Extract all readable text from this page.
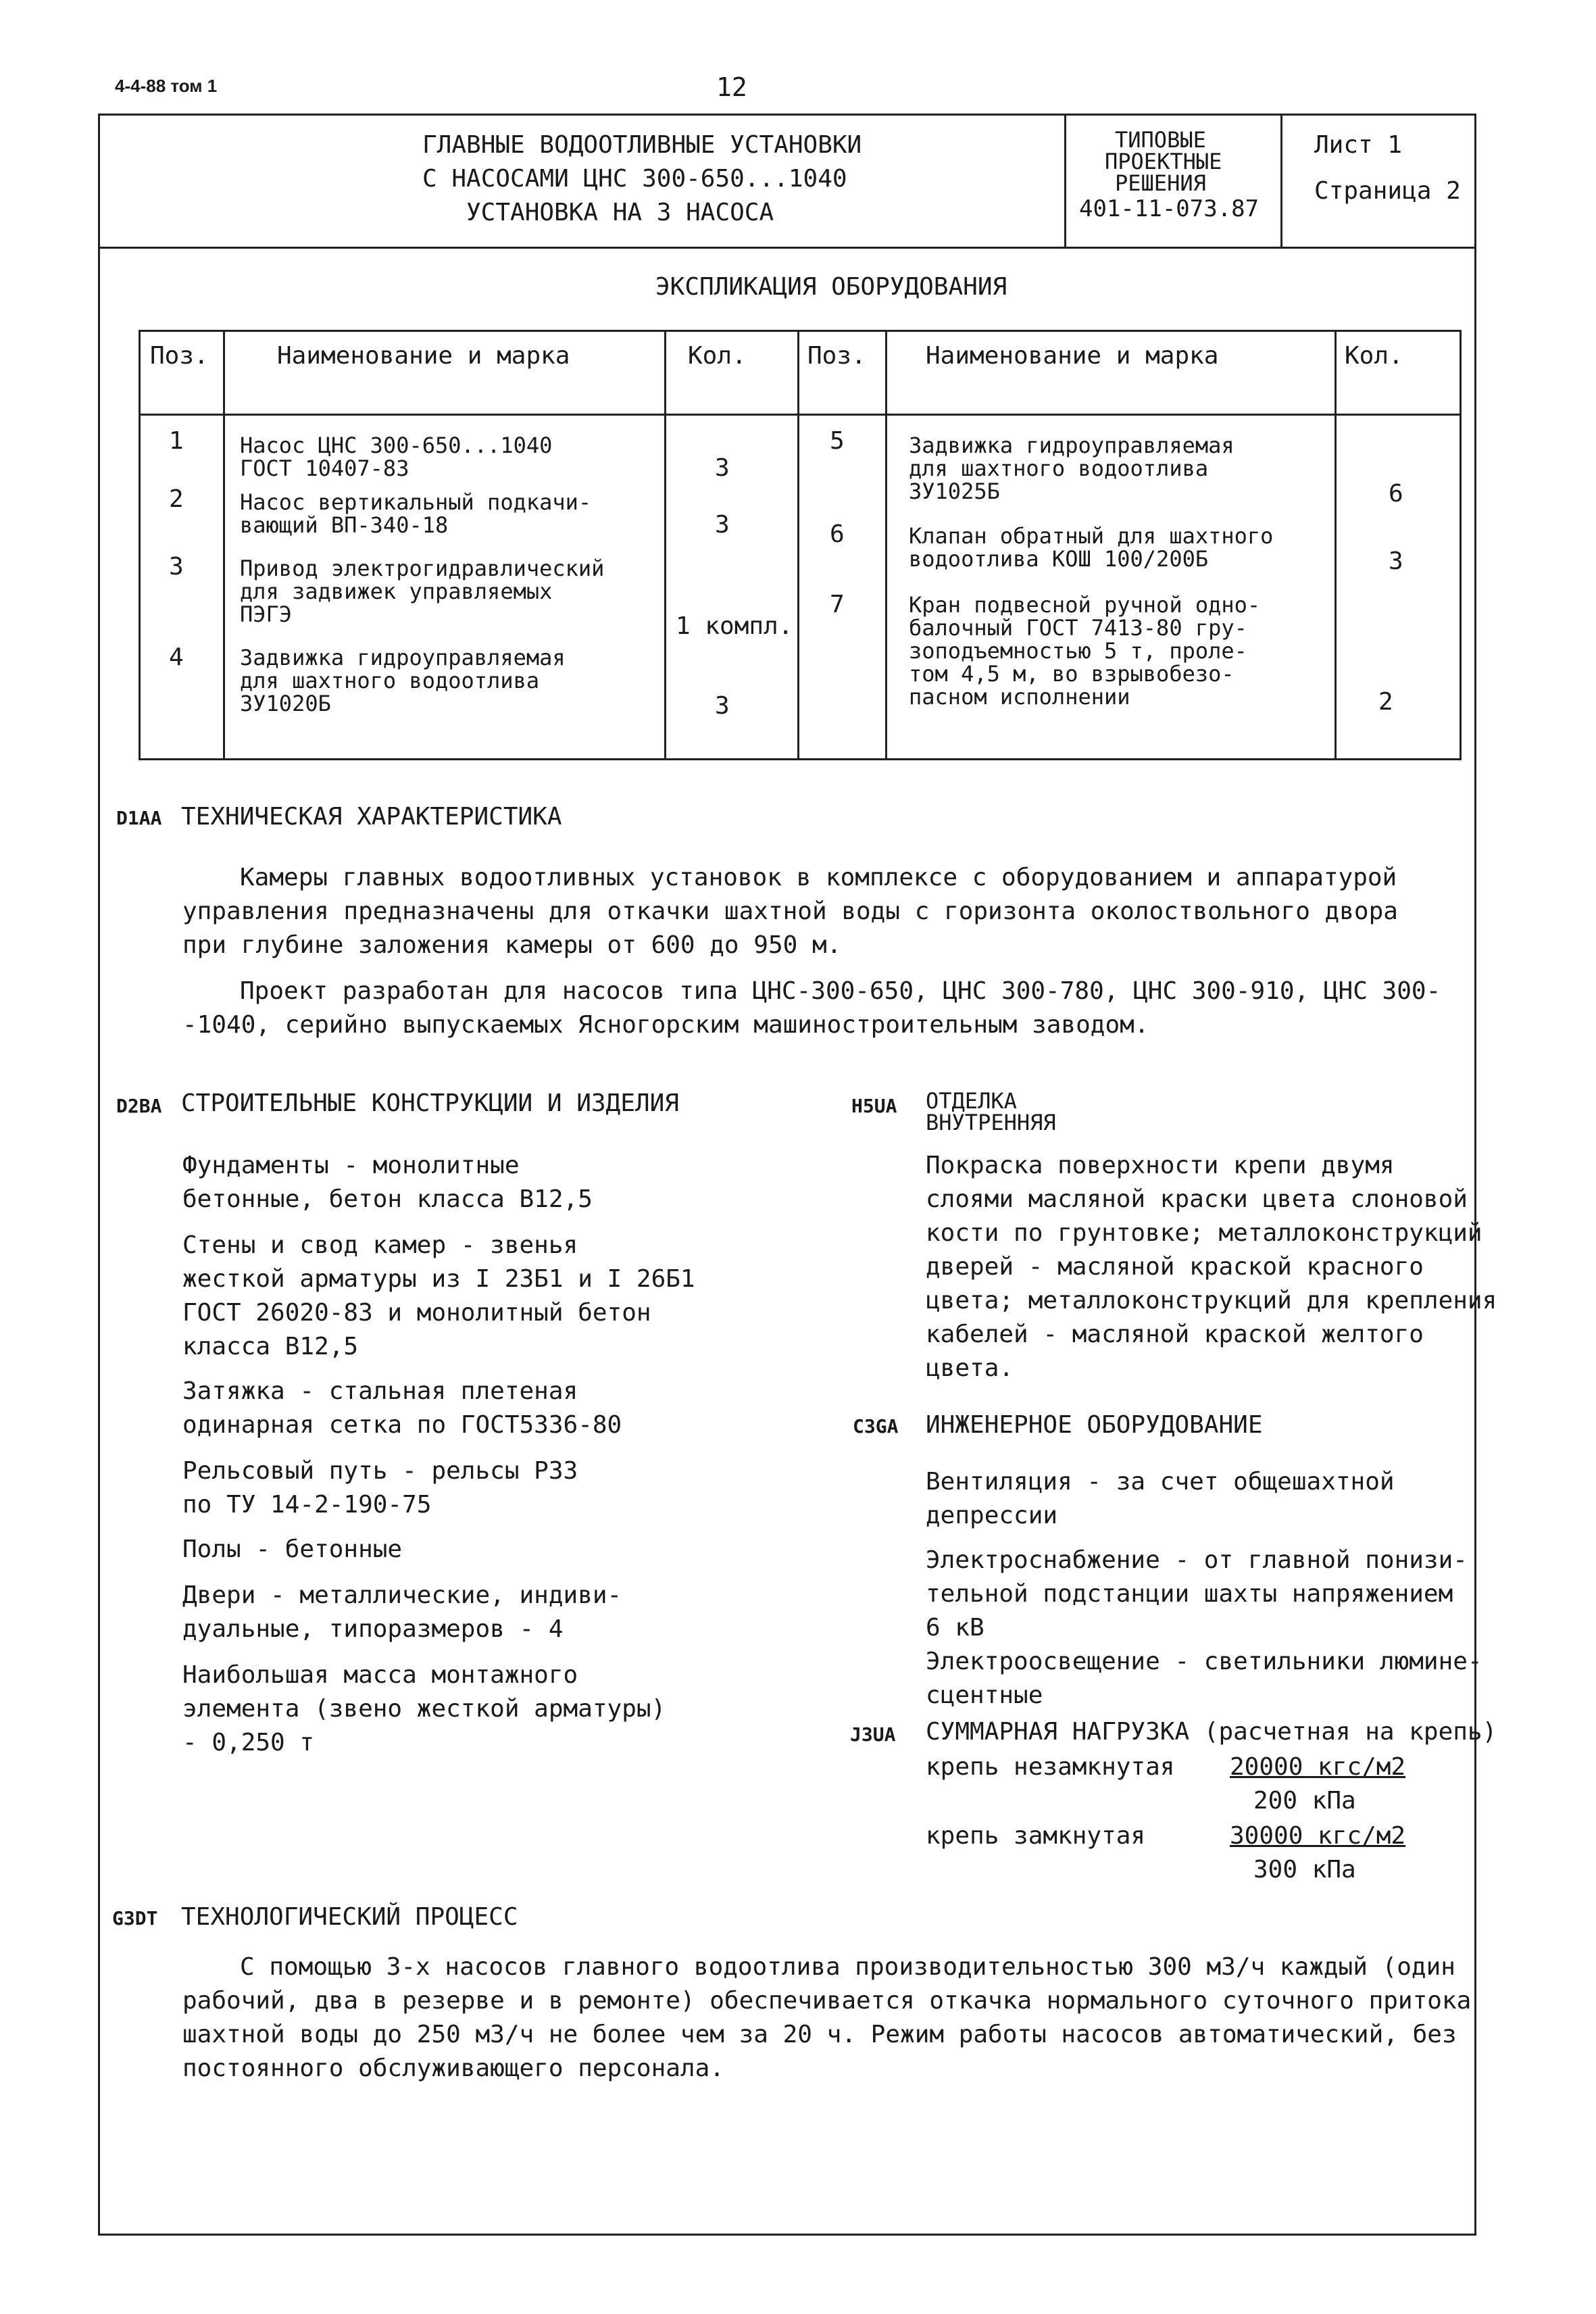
4-4-88 том 1	12
ГЛАВНЫЕ ВОДООТЛИВНЫЕ УСТАНОВКИ
С НАСОСАМИ ЦНС 300-650...1040
УСТАНОВКА НА 3 НАСОСА
ТИПОВЫЕ
ПРОЕКТНЫЕ
РЕШЕНИЯ
401-11-073.87
Лист 1
Страница 2
ЭКСПЛИКАЦИЯ ОБОРУДОВАНИЯ
Поз.	Наименование и марка	Кол.	Поз. Наименование и марка	Кол.
1	Насос ЦНС 300-650...1040
ГОСТ 10407-83	3
2	Насос вертикальный подкачи-
вающий ВП-340-18	3
3	Привод электрогидравлический
для задвижек управляемых
ПЭГЭ	1 компл.
4	Задвижка гидроуправляемая
для шахтного водоотлива
ЗУ1020Б	3
5	Задвижка гидроуправляемая
для шахтного водоотлива
ЗУ1025Б	6
6	Клапан обратный для шахтного
водоотлива КОШ 100/200Б	3
7	Кран подвесной ручной одно-
балочный ГОСТ 7413-80 гру-
зоподъемностью 5 т, проле-
том 4,5 м, во взрывобезо-
пасном исполнении	2
D1AA ТЕХНИЧЕСКАЯ ХАРАКТЕРИСТИКА
Камеры главных водоотливных установок в комплексе с оборудованием и аппаратурой
управления предназначены для откачки шахтной воды с горизонта околоствольного двора
при глубине заложения камеры от 600 до 950 м.
Проект разработан для насосов типа ЦНС-300-650, ЦНС 300-780, ЦНС 300-910, ЦНС 300-
-1040, серийно выпускаемых Ясногорским машиностроительным заводом.
D2BA СТРОИТЕЛЬНЫЕ КОНСТРУКЦИИ И ИЗДЕЛИЯ
Фундаменты - монолитные
бетонные, бетон класса В12,5
Стены и свод камер - звенья
жесткой арматуры из I 23Б1 и I 26Б1
ГОСТ 26020-83 и монолитный бетон
класса В12,5
Затяжка - стальная плетеная
одинарная сетка по ГОСТ5336-80
Рельсовый путь - рельсы Р33
по ТУ 14-2-190-75
Полы - бетонные
Двери - металлические, индиви-
дуальные, типоразмеров - 4
Наибольшая масса монтажного
элемента (звено жесткой арматуры)
- 0,250 т
H5UA ОТДЕЛКА
ВНУТРЕННЯЯ
Покраска поверхности крепи двумя
слоями масляной краски цвета слоновой
кости по грунтовке; металлоконструкций
дверей - масляной краской красного
цвета; металлоконструкций для крепления
кабелей - масляной краской желтого
цвета.
C3GA ИНЖЕНЕРНОЕ ОБОРУДОВАНИЕ
Вентиляция - за счет общешахтной
депрессии
Электроснабжение - от главной понизи-
тельной подстанции шахты напряжением
6 кВ
Электроосвещение - светильники люмине-
сцентные
J3UA СУММАРНАЯ НАГРУЗКА (расчетная на крепь)
крепь незамкнутая 20000 кгс/м2
200 кПа
крепь замкнутая	30000 кгс/м2
300 кПа
G3DT ТЕХНОЛОГИЧЕСКИЙ ПРОЦЕСС
С помощью 3-х насосов главного водоотлива производительностью 300 м3/ч каждый (один
рабочий, два в резерве и в ремонте) обеспечивается откачка нормального суточного притока
шахтной воды до 250 м3/ч не более чем за 20 ч. Режим работы насосов автоматический, без
постоянного обслуживающего персонала.
